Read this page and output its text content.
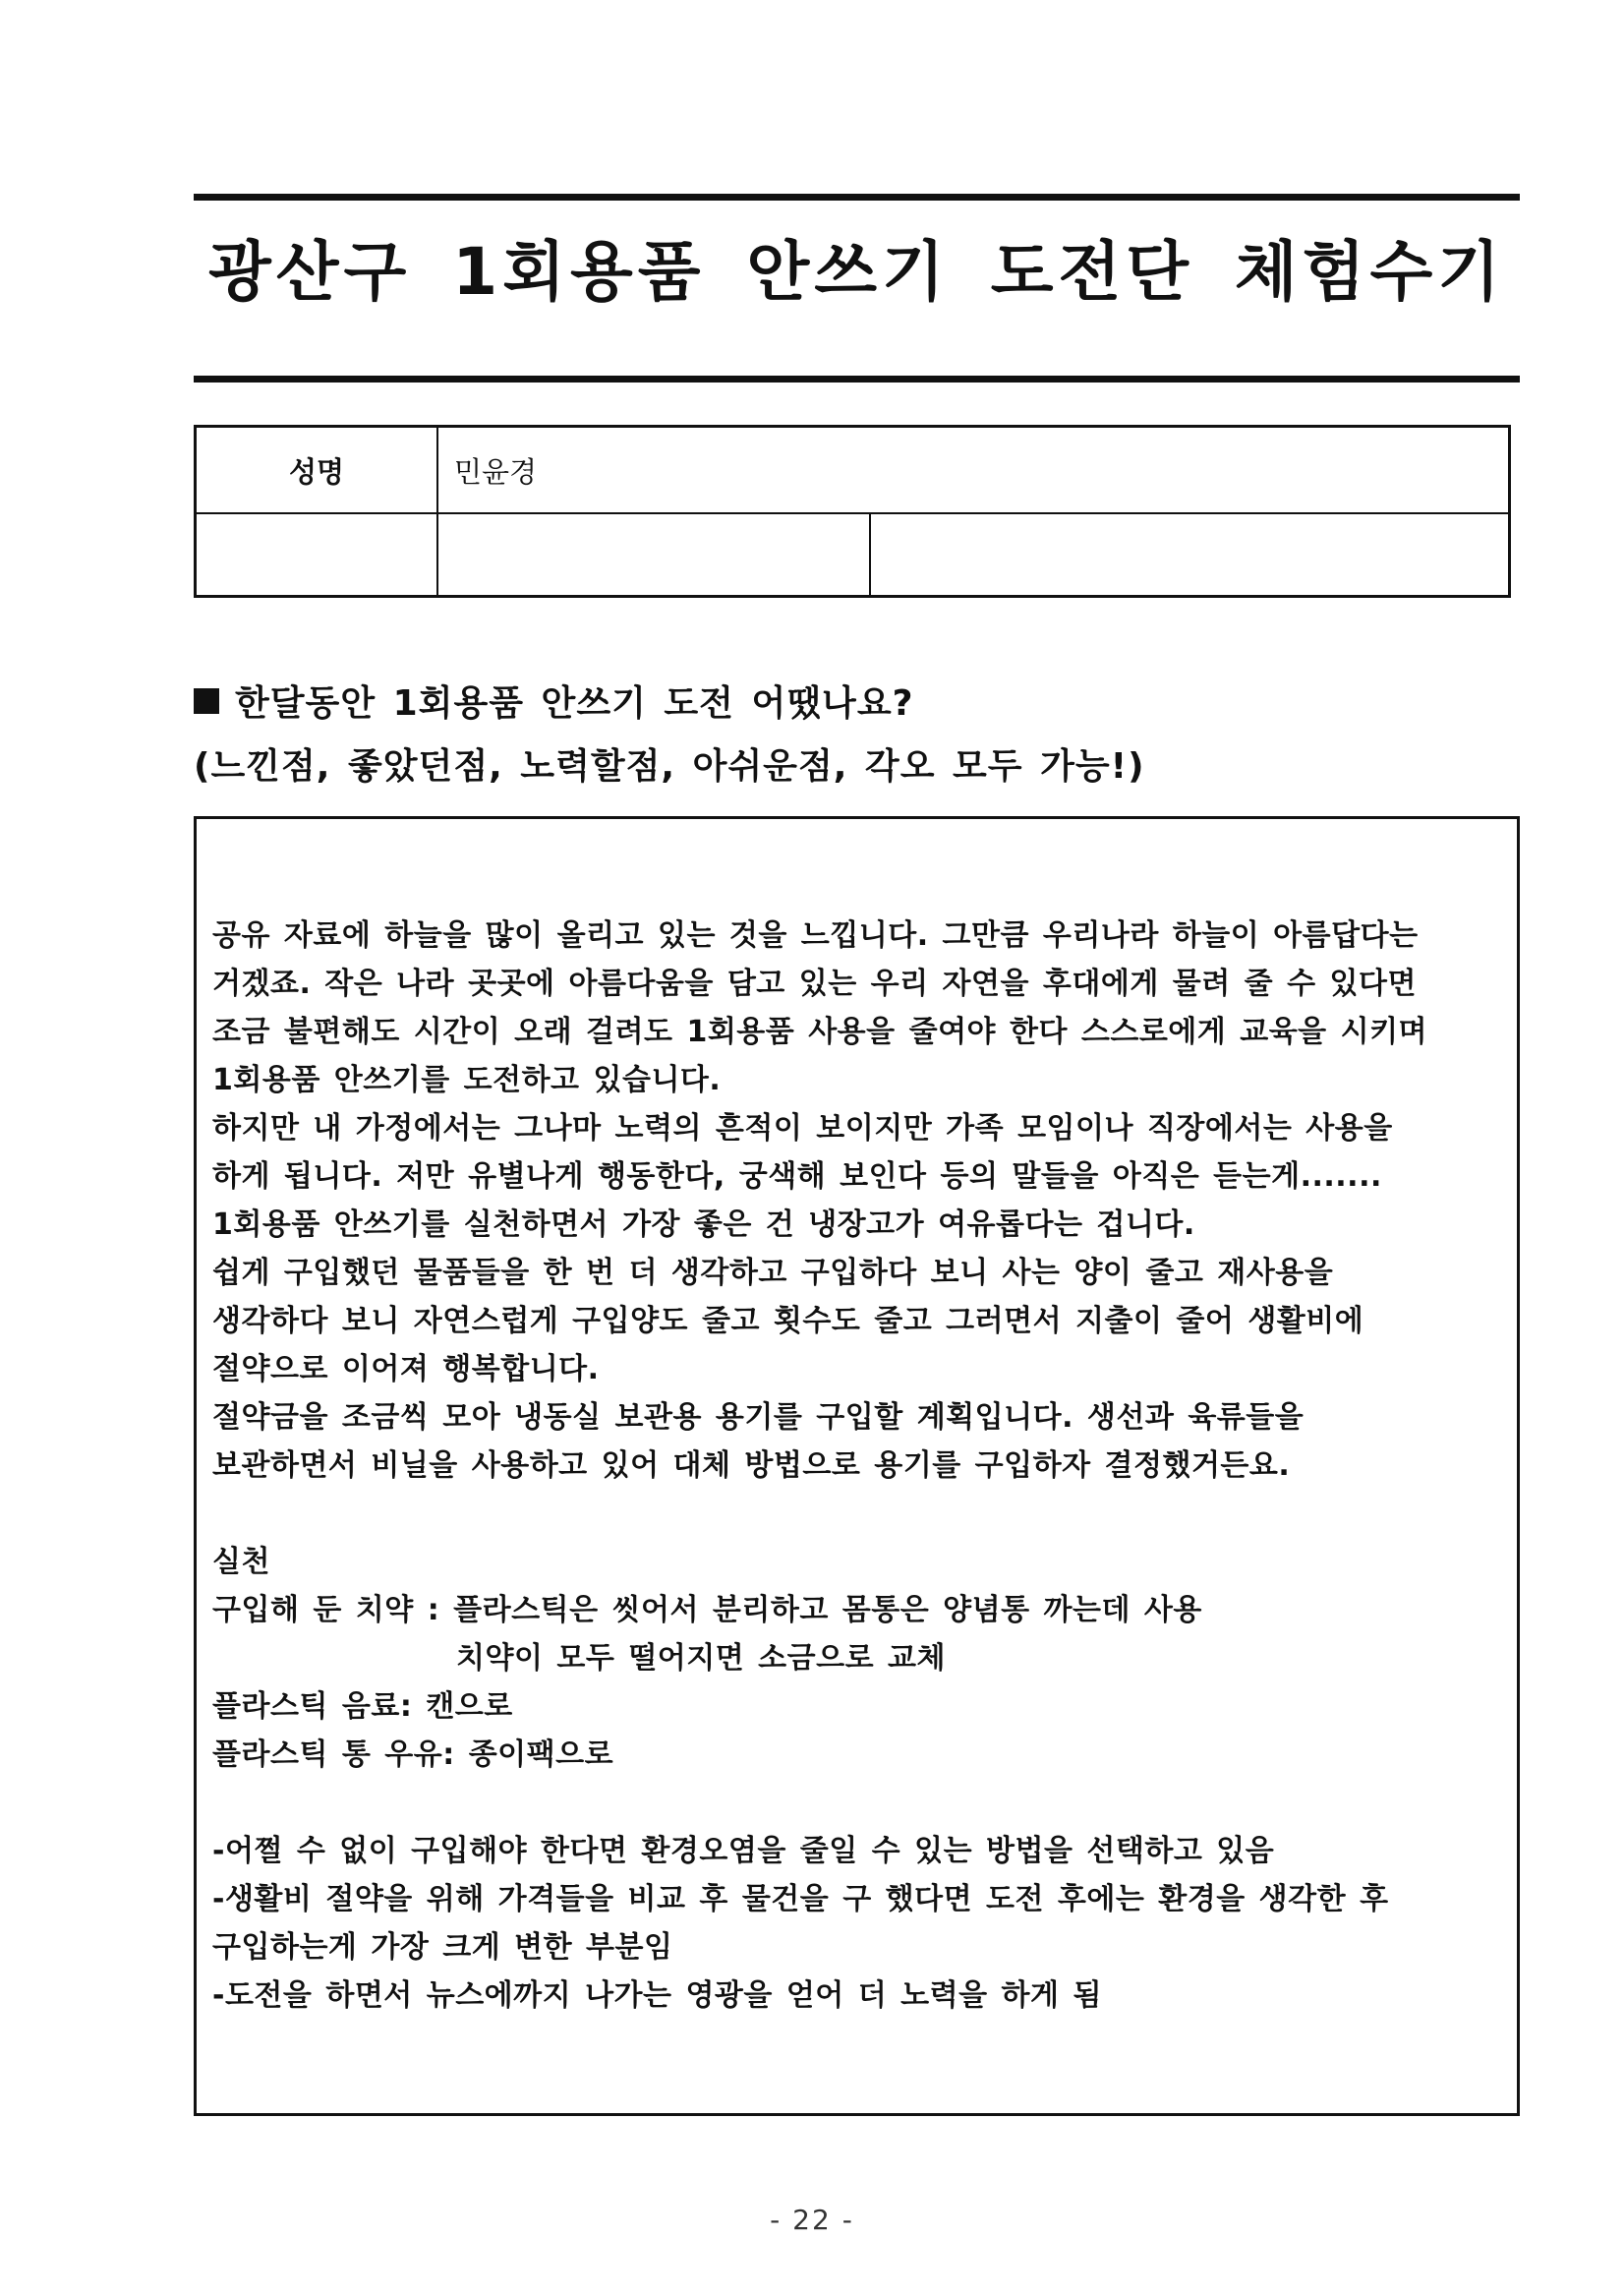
광산구 1회용품 안쓰기 도전단 체험수기
성명	민윤경
한달동안 1회용품 안쓰기 도전 어땠나요?
(느낀점, 좋았던점, 노력할점, 아쉬운점, 각오 모두 가능!)
공유 자료에 하늘을 많이 올리고 있는 것을 느낍니다. 그만큼 우리나라 하늘이 아름답다는
거겠죠. 작은 나라 곳곳에 아름다움을 담고 있는 우리 자연을 후대에게 물려 줄 수 있다면
조금 불편해도 시간이 오래 걸려도 1회용품 사용을 줄여야 한다 스스로에게 교육을 시키며
1회용품 안쓰기를 도전하고 있습니다.
하지만 내 가정에서는 그나마 노력의 흔적이 보이지만 가족 모임이나 직장에서는 사용을
하게 됩니다. 저만 유별나게 행동한다, 궁색해 보인다 등의 말들을 아직은 듣는게.......
1회용품 안쓰기를 실천하면서 가장 좋은 건 냉장고가 여유롭다는 겁니다.
쉽게 구입했던 물품들을 한 번 더 생각하고 구입하다 보니 사는 양이 줄고 재사용을
생각하다 보니 자연스럽게 구입양도 줄고 횟수도 줄고 그러면서 지출이 줄어 생활비에
절약으로 이어져 행복합니다.
절약금을 조금씩 모아 냉동실 보관용 용기를 구입할 계획입니다. 생선과 육류들을
보관하면서 비닐을 사용하고 있어 대체 방법으로 용기를 구입하자 결정했거든요.
실천
구입해 둔 치약 : 플라스틱은 씻어서 분리하고 몸통은 양념통 까는데 사용
치약이 모두 떨어지면 소금으로 교체
플라스틱 음료: 캔으로
플라스틱 통 우유: 종이팩으로
-어쩔 수 없이 구입해야 한다면 환경오염을 줄일 수 있는 방법을 선택하고 있음
-생활비 절약을 위해 가격들을 비교 후 물건을 구 했다면 도전 후에는 환경을 생각한 후
구입하는게 가장 크게 변한 부분임
-도전을 하면서 뉴스에까지 나가는 영광을 얻어 더 노력을 하게 됨
- 22 -
